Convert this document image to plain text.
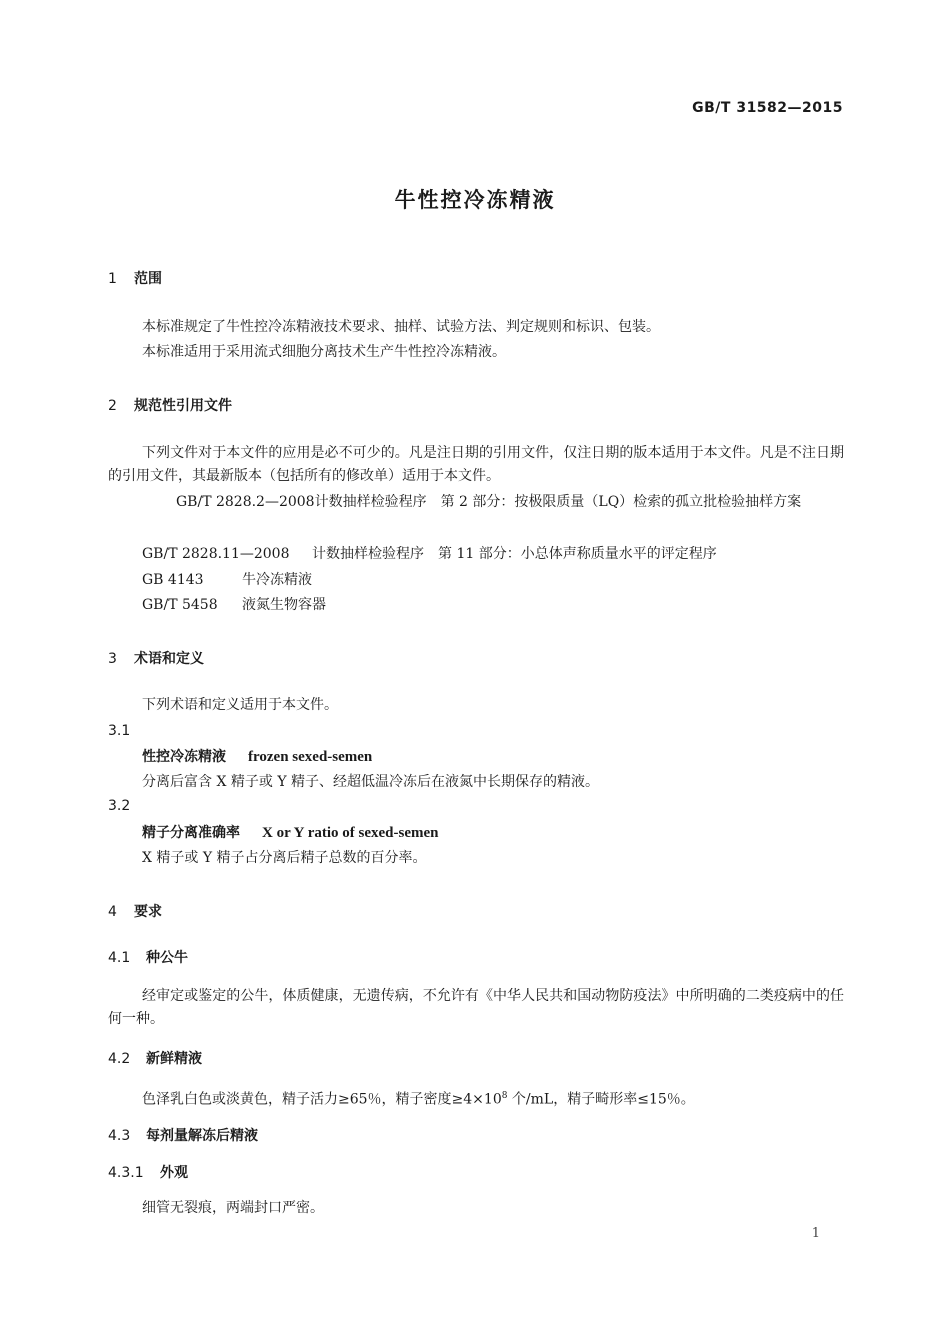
GB/T 31582—2015
牛性控冷冻精液
1 范围
本标准规定了牛性控冷冻精液技术要求、抽样、试验方法、判定规则和标识、包装。
本标准适用于采用流式细胞分离技术生产牛性控冷冻精液。
2 规范性引用文件
下列文件对于本文件的应用是必不可少的。凡是注日期的引用文件，仅注日期的版本适用于本文件。凡是不注日期的引用文件，其最新版本（包括所有的修改单）适用于本文件。
GB/T 2828.2—2008计数抽样检验程序　第 2 部分：按极限质量（LQ）检索的孤立批检验抽样方案
GB/T 2828.11—2008 计数抽样检验程序　第 11 部分：小总体声称质量水平的评定程序
GB 4143	牛冷冻精液
GB/T 5458 液氮生物容器
3 术语和定义
下列术语和定义适用于本文件。
3.1
性控冷冻精液 frozen sexed-semen
分离后富含 X 精子或 Y 精子、经超低温冷冻后在液氮中长期保存的精液。
3.2
精子分离准确率 X or Y ratio of sexed-semen
X 精子或 Y 精子占分离后精子总数的百分率。
4 要求
4.1 种公牛
经审定或鉴定的公牛，体质健康，无遗传病，不允许有《中华人民共和国动物防疫法》中所明确的二类疫病中的任何一种。
4.2 新鲜精液
色泽乳白色或淡黄色，精子活力≥65％，精子密度$\ge 4\times 10^8$ 个/mL，精子畸形率≤15％。
4.3 每剂量解冻后精液
4.3.1 外观
细管无裂痕，两端封口严密。
1
